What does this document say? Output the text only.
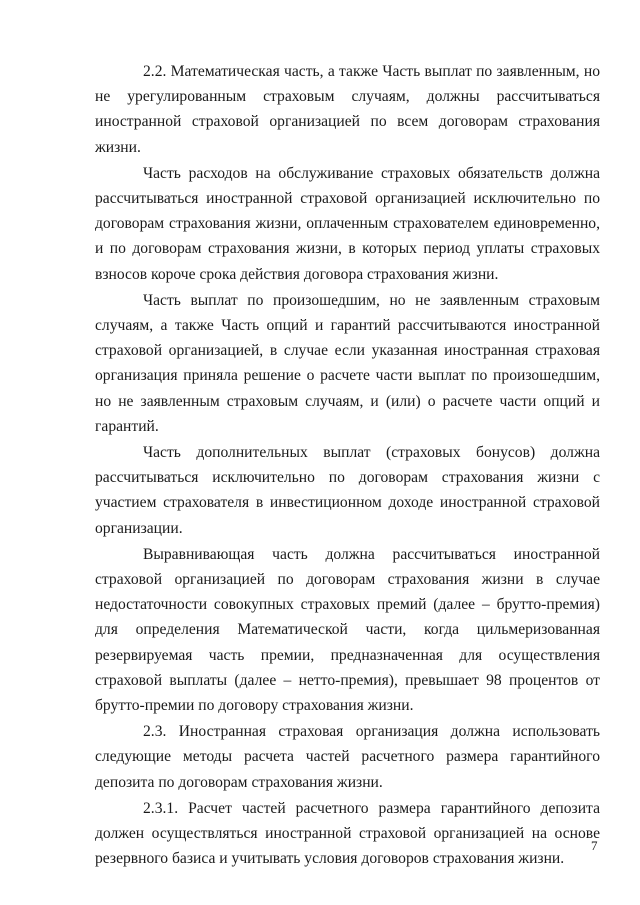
2.2. Математическая часть, а также Часть выплат по заявленным, но не урегулированным страховым случаям, должны рассчитываться иностранной страховой организацией по всем договорам страхования жизни.

Часть расходов на обслуживание страховых обязательств должна рассчитываться иностранной страховой организацией исключительно по договорам страхования жизни, оплаченным страхователем единовременно, и по договорам страхования жизни, в которых период уплаты страховых взносов короче срока действия договора страхования жизни.

Часть выплат по произошедшим, но не заявленным страховым случаям, а также Часть опций и гарантий рассчитываются иностранной страховой организацией, в случае если указанная иностранная страховая организация приняла решение о расчете части выплат по произошедшим, но не заявленным страховым случаям, и (или) о расчете части опций и гарантий.

Часть дополнительных выплат (страховых бонусов) должна рассчитываться исключительно по договорам страхования жизни с участием страхователя в инвестиционном доходе иностранной страховой организации.

Выравнивающая часть должна рассчитываться иностранной страховой организацией по договорам страхования жизни в случае недостаточности совокупных страховых премий (далее – брутто-премия) для определения Математической части, когда цильмеризованная резервируемая часть премии, предназначенная для осуществления страховой выплаты (далее – нетто-премия), превышает 98 процентов от брутто-премии по договору страхования жизни.

2.3. Иностранная страховая организация должна использовать следующие методы расчета частей расчетного размера гарантийного депозита по договорам страхования жизни.

2.3.1. Расчет частей расчетного размера гарантийного депозита должен осуществляться иностранной страховой организацией на основе резервного базиса и учитывать условия договоров страхования жизни.

7
